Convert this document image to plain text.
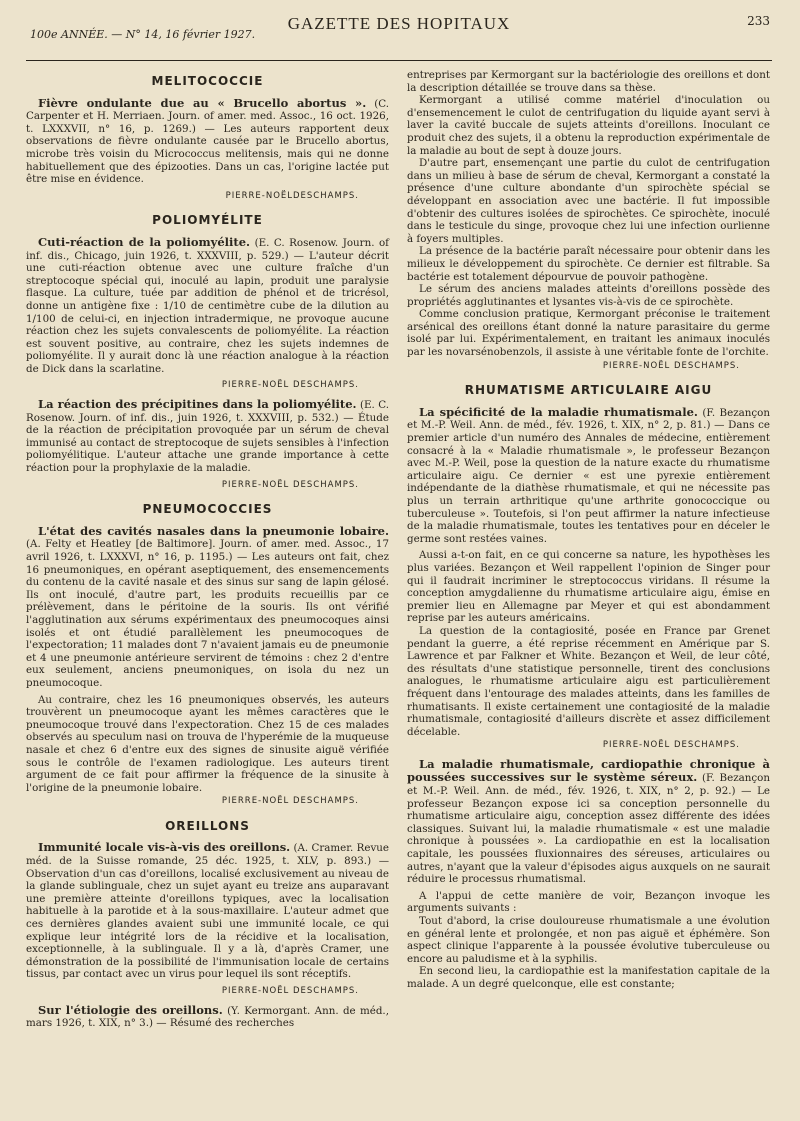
100e ANNÉE. — N° 14, 16 février 1927.
GAZETTE DES HOPITAUX	233
MELITOCOCCIE

Fièvre ondulante due au « Brucello abortus ». (C. Carpenter et H. Merriaen. Journ. of amer. med. Assoc., 16 oct. 1926, t. LXXXVII, n° 16, p. 1269.) — Les auteurs rapportent deux observations de fièvre ondulante causée par le Brucello abortus, microbe très voisin du Micrococcus melitensis, mais qui ne donne habituellement que des épizooties. Dans un cas, l'origine lactée put être mise en évidence.

PIERRE-NOËLDESCHAMPS.
POLIOMYÉLITE

Cuti-réaction de la poliomyélite. (E. C. Rosenow. Journ. of inf. dis., Chicago, juin 1926, t. XXXVIII, p. 529.) — L'auteur décrit une cuti-réaction obtenue avec une culture fraîche d'un streptocoque spécial qui, inoculé au lapin, produit une paralysie flasque. La culture, tuée par addition de phénol et de tricrésol, donne un antigène fixe : 1/10 de centimètre cube de la dilution au 1/100 de celui-ci, en injection intradermique, ne provoque aucune réaction chez les sujets convalescents de poliomyélite. La réaction est souvent positive, au contraire, chez les sujets indemnes de poliomyélite. Il y aurait donc là une réaction analogue à la réaction de Dick dans la scarlatine.

PIERRE-NOËL DESCHAMPS.

La réaction des précipitines dans la poliomyélite. (E. C. Rosenow. Journ. of inf. dis., juin 1926, t. XXXVIII, p. 532.) — Étude de la réaction de précipitation provoquée par un sérum de cheval immunisé au contact de streptocoque de sujets sensibles à l'infection poliomyélitique. L'auteur attache une grande importance à cette réaction pour la prophylaxie de la maladie.

PIERRE-NOËL DESCHAMPS.
PNEUMOCOCCIES

L'état des cavités nasales dans la pneumonie lobaire. (A. Felty et Heatley [de Baltimore]. Journ. of amer. med. Assoc., 17 avril 1926, t. LXXXVI, n° 16, p. 1195.) — Les auteurs ont fait, chez 16 pneumoniques, en opérant aseptiquement, des ensemencements du contenu de la cavité nasale et des sinus sur sang de lapin gélosé. Ils ont inoculé, d'autre part, les produits recueillis par ce prélèvement, dans le péritoine de la souris. Ils ont vérifié l'agglutination aux sérums expérimentaux des pneumocoques ainsi isolés et ont étudié parallèlement les pneumocoques de l'expectoration; 11 malades dont 7 n'avaient jamais eu de pneumonie et 4 une pneumonie antérieure servirent de témoins : chez 2 d'entre eux seulement, anciens pneumoniques, on isola du nez un pneumocoque.

Au contraire, chez les 16 pneumoniques observés, les auteurs trouvèrent un pneumocoque ayant les mêmes caractères que le pneumocoque trouvé dans l'expectoration. Chez 15 de ces malades observés au speculum nasi on trouva de l'hyperémie de la muqueuse nasale et chez 6 d'entre eux des signes de sinusite aiguë vérifiée sous le contrôle de l'examen radiologique. Les auteurs tirent argument de ce fait pour affirmer la fréquence de la sinusite à l'origine de la pneumonie lobaire.

PIERRE-NOËL DESCHAMPS.
OREILLONS

Immunité locale vis-à-vis des oreillons. (A. Cramer. Revue méd. de la Suisse romande, 25 déc. 1925, t. XLV, p. 893.) — Observation d'un cas d'oreillons, localisé exclusivement au niveau de la glande sublinguale, chez un sujet ayant eu treize ans auparavant une première atteinte d'oreillons typiques, avec la localisation habituelle à la parotide et à la sous-maxillaire. L'auteur admet que ces dernières glandes avaient subi une immunité locale, ce qui explique leur intégrité lors de la récidive et la localisation, exceptionnelle, à la sublinguale. Il y a là, d'après Cramer, une démonstration de la possibilité de l'immunisation locale de certains tissus, par contact avec un virus pour lequel ils sont réceptifs.

PIERRE-NOËL DESCHAMPS.

Sur l'étiologie des oreillons. (Y. Kermorgant. Ann. de méd., mars 1926, t. XIX, n° 3.) — Résumé des recherches

entreprises par Kermorgant sur la bactériologie des oreillons et dont la description détaillée se trouve dans sa thèse.

Kermorgant a utilisé comme matériel d'inoculation ou d'ensemencement le culot de centrifugation du liquide ayant servi à laver la cavité buccale de sujets atteints d'oreillons. Inoculant ce produit chez des sujets, il a obtenu la reproduction expérimentale de la maladie au bout de sept à douze jours.

D'autre part, ensemençant une partie du culot de centrifugation dans un milieu à base de sérum de cheval, Kermorgant a constaté la présence d'une culture abondante d'un spirochète spécial se développant en association avec une bactérie. Il fut impossible d'obtenir des cultures isolées de spirochètes. Ce spirochète, inoculé dans le testicule du singe, provoque chez lui une infection ourlienne à foyers multiples.

La présence de la bactérie paraît nécessaire pour obtenir dans les milieux le développement du spirochète. Ce dernier est filtrable. Sa bactérie est totalement dépourvue de pouvoir pathogène.

Le sérum des anciens malades atteints d'oreillons possède des propriétés agglutinantes et lysantes vis-à-vis de ce spirochète.

Comme conclusion pratique, Kermorgant préconise le traitement arsénical des oreillons étant donné la nature parasitaire du germe isolé par lui. Expérimentalement, en traitant les animaux inoculés par les novarsénobenzols, il assiste à une véritable fonte de l'orchite.

PIERRE-NOËL DESCHAMPS.
RHUMATISME ARTICULAIRE AIGU

La spécificité de la maladie rhumatismale. (F. Bezançon et M.-P. Weil. Ann. de méd., fév. 1926, t. XIX, n° 2, p. 81.) — Dans ce premier article d'un numéro des Annales de médecine, entièrement consacré à la « Maladie rhumatismale », le professeur Bezançon avec M.-P. Weil, pose la question de la nature exacte du rhumatisme articulaire aigu. Ce dernier « est une pyrexie entièrement indépendante de la diathèse rhumatismale, et qui ne nécessite pas plus un terrain arthritique qu'une arthrite gonococcique ou tuberculeuse ». Toutefois, si l'on peut affirmer la nature infectieuse de la maladie rhumatismale, toutes les tentatives pour en déceler le germe sont restées vaines.

Aussi a-t-on fait, en ce qui concerne sa nature, les hypothèses les plus variées. Bezançon et Weil rappellent l'opinion de Singer pour qui il faudrait incriminer le streptococcus viridans. Il résume la conception amygdalienne du rhumatisme articulaire aigu, émise en premier lieu en Allemagne par Meyer et qui est abondamment reprise par les auteurs américains.

La question de la contagiosité, posée en France par Grenet pendant la guerre, a été reprise récemment en Amérique par S. Lawrence et par Falkner et White. Bezançon et Weil, de leur côté, des résultats d'une statistique personnelle, tirent des conclusions analogues, le rhumatisme articulaire aigu est particulièrement fréquent dans l'entourage des malades atteints, dans les familles de rhumatisants. Il existe certainement une contagiosité de la maladie rhumatismale, contagiosité d'ailleurs discrète et assez difficilement décelable.

PIERRE-NOËL DESCHAMPS.

La maladie rhumatismale, cardiopathie chronique à poussées successives sur le système séreux. (F. Bezançon et M.-P. Weil. Ann. de méd., fév. 1926, t. XIX, n° 2, p. 92.) — Le professeur Bezançon expose ici sa conception personnelle du rhumatisme articulaire aigu, conception assez différente des idées classiques. Suivant lui, la maladie rhumatismale « est une maladie chronique à poussées ». La cardiopathie en est la localisation capitale, les poussées fluxionnaires des séreuses, articulaires ou autres, n'ayant que la valeur d'épisodes aigus auxquels on ne saurait réduire le processus rhumatismal.

A l'appui de cette manière de voir, Bezançon invoque les arguments suivants :

Tout d'abord, la crise douloureuse rhumatismale a une évolution en général lente et prolongée, et non pas aiguë et éphémère. Son aspect clinique l'apparente à la poussée évolutive tuberculeuse ou encore au paludisme et à la syphilis.

En second lieu, la cardiopathie est la manifestation capitale de la malade. A un degré quelconque, elle est constante;
